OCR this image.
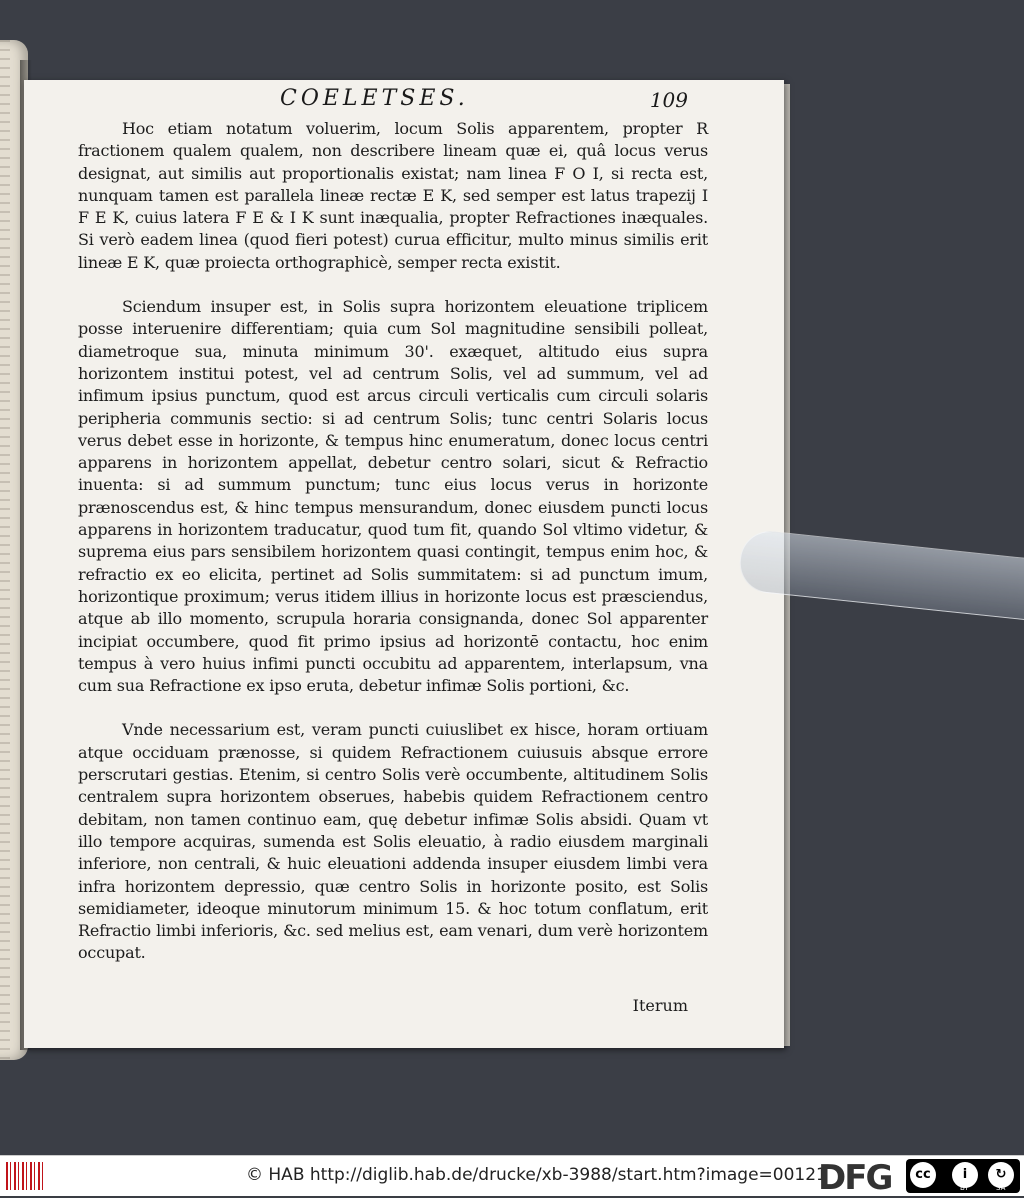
COELETSES.	109

Hoc etiam notatum voluerim, locum Solis apparentem, propter R fractionem qualem qualem, non describere lineam quæ ei, quâ locus verus designat, aut similis aut proportionalis existat; nam linea F O I, si recta est, nunquam tamen est parallela lineæ rectæ E K, sed semper est latus trapezij I F E K, cuius latera F E & I K sunt inæqualia, propter Refractiones inæquales. Si verò eadem linea (quod fieri potest) curua efficitur, multo minus similis erit lineæ E K, quæ proiecta orthographicè, semper recta existit.

Sciendum insuper est, in Solis supra horizontem eleuatione triplicem posse interuenire differentiam; quia cum Sol magnitudine sensibili polleat, diametroque sua, minuta minimum 30'. exæquet, altitudo eius supra horizontem institui potest, vel ad centrum Solis, vel ad summum, vel ad infimum ipsius punctum, quod est arcus circuli verticalis cum circuli solaris peripheria communis sectio: si ad centrum Solis; tunc centri Solaris locus verus debet esse in horizonte, & tempus hinc enumeratum, donec locus centri apparens in horizontem appellat, debetur centro solari, sicut & Refractio inuenta: si ad summum punctum; tunc eius locus verus in horizonte prænoscendus est, & hinc tempus mensurandum, donec eiusdem puncti locus apparens in horizontem traducatur, quod tum fit, quando Sol vltimo videtur, & suprema eius pars sensibilem horizontem quasi contingit, tempus enim hoc, & refractio ex eo elicita, pertinet ad Solis summitatem: si ad punctum imum, horizontique proximum; verus itidem illius in horizonte locus est præsciendus, atque ab illo momento, scrupula horaria consignanda, donec Sol apparenter incipiat occumbere, quod fit primo ipsius ad horizontē contactu, hoc enim tempus à vero huius infimi puncti occubitu ad apparentem, interlapsum, vna cum sua Refractione ex ipso eruta, debetur infimæ Solis portioni, &c.

Vnde necessarium est, veram puncti cuiuslibet ex hisce, horam ortiuam atque occiduam prænosse, si quidem Refractionem cuiusuis absque errore perscrutari gestias. Etenim, si centro Solis verè occumbente, altitudinem Solis centralem supra horizontem obserues, habebis quidem Refractionem centro debitam, non tamen continuo eam, quę debetur infimæ Solis absidi. Quam vt illo tempore acquiras, sumenda est Solis eleuatio, à radio eiusdem marginali inferiore, non centrali, & huic eleuationi addenda insuper eiusdem limbi vera infra horizontem depressio, quæ centro Solis in horizonte posito, est Solis semidiameter, ideoque minutorum minimum 15. & hoc totum conflatum, erit Refractio limbi inferioris, &c. sed melius est, eam venari, dum verè horizontem occupat.

Iterum
© HAB http://diglib.hab.de/drucke/xb-3988/start.htm?image=00121
DFG	cc	i	↻
BY	SA
